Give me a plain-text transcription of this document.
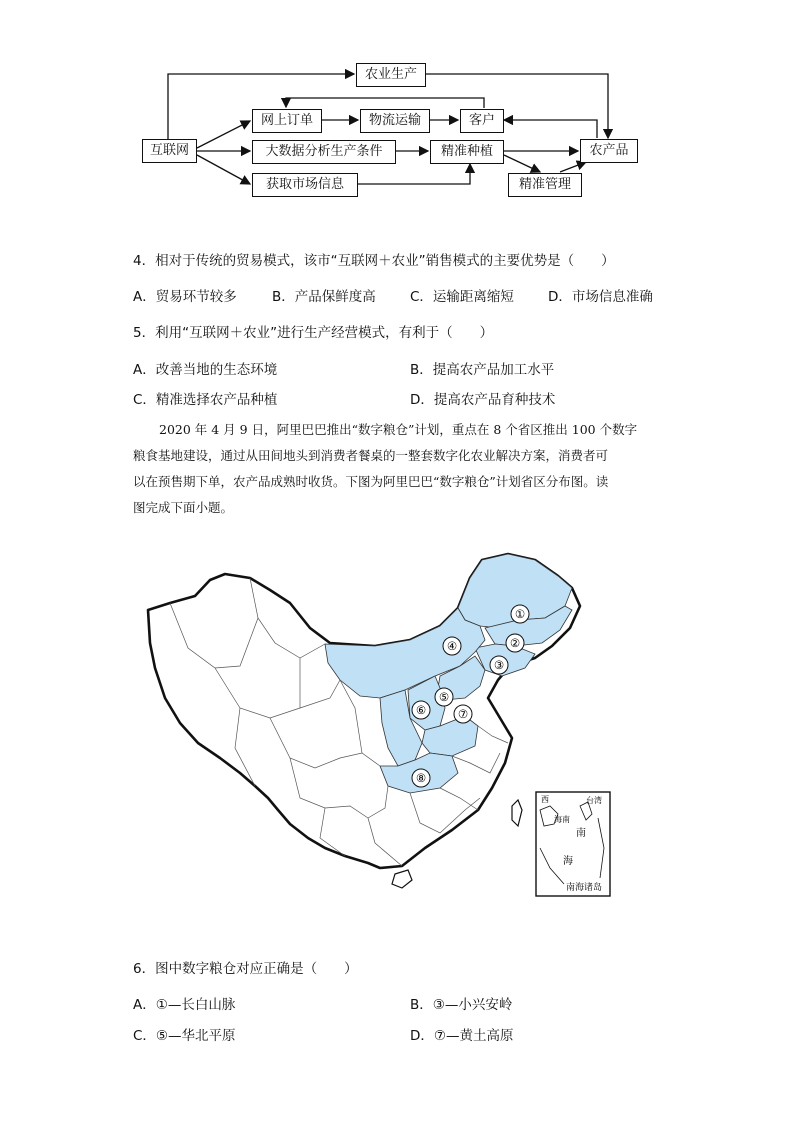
农业生产
互联网
网上订单	物流运输	客户
大数据分析生产条件	精准种植	农产品
获取市场信息	精准管理
4．相对于传统的贸易模式，该市“互联网＋农业”销售模式的主要优势是（　　）
A．贸易环节较多	B．产品保鲜度高	C．运输距离缩短	D．市场信息准确
5．利用“互联网＋农业”进行生产经营模式，有利于（　　）
A．改善当地的生态环境	B．提高农产品加工水平
C．精准选择农产品种植	D．提高农产品育种技术

2020 年 4 月 9 日，阿里巴巴推出“数字粮仓”计划，重点在 8 个省区推出 100 个数字

粮食基地建设，通过从田间地头到消费者餐桌的一整套数字化农业解决方案，消费者可

以在预售期下单，农产品成熟时收货。下图为阿里巴巴“数字粮仓”计划省区分布图。读

图完成下面小题。

①
②
③
④
⑤
⑥	⑦
⑧
西	台湾
海南
南
海
南海诸岛
6．图中数字粮仓对应正确是（　　）
A．①—长白山脉	B．③—小兴安岭
C．⑤—华北平原	D．⑦—黄土高原
